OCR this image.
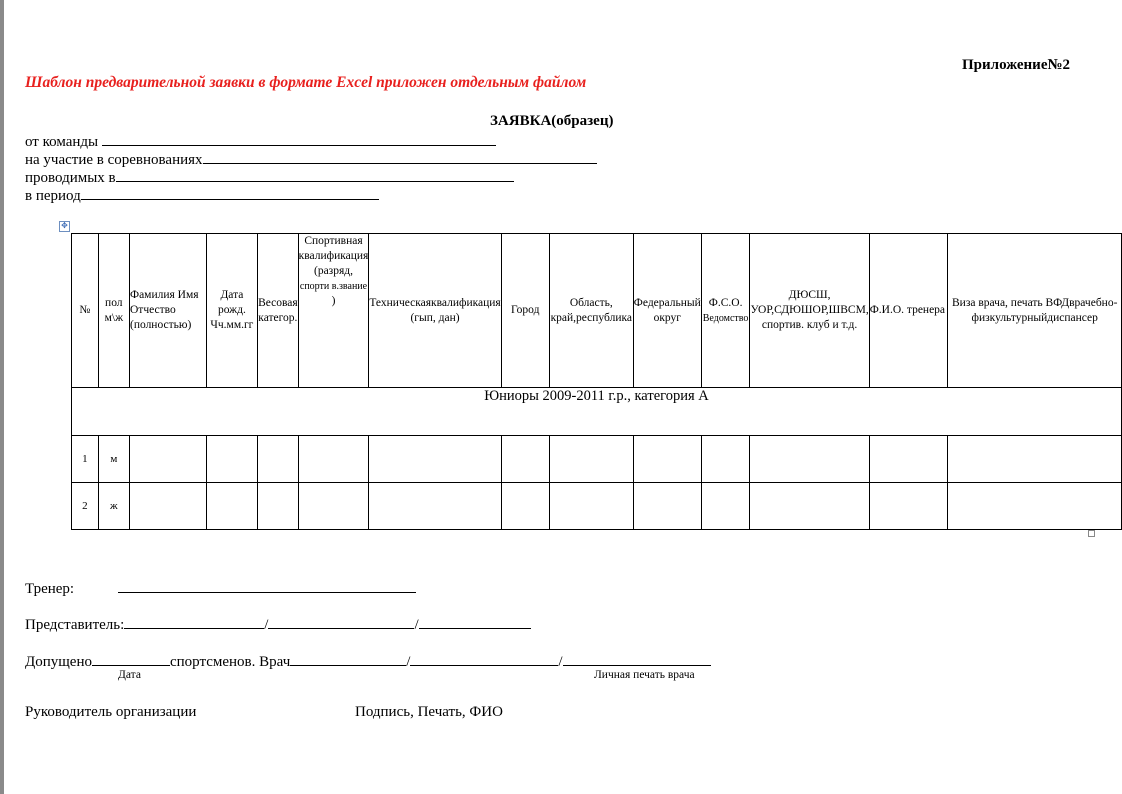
Приложение№2
Шаблон предварительной заявки в формате Excel приложен отдельным файлом
ЗАЯВКА(образец)
от команды
на участие в соревнованиях
проводимых в
в период
✥
№	пол м\ж	Фамилия Имя Отчество (полностью)	Дата рожд. Чч.мм.гг	Весовая категор.	Спортивная квалификация (разряд,
спорти в.звание
)	Техническаяквалификация (гып, дан)	Город	Область, край,республика	Федеральный округ	Ф.С.О.
Ведомство	ДЮСШ, УОР,СДЮШОР,ШВСМ, спортив. клуб и т.д.	Ф.И.О. тренера	Виза врача, печать ВФДврачебно-физкультурныйдиспансер
Юниоры 2009-2011 г.р., категория А													
1	м												
2	ж												
Тренер:
Представитель:	/	/
Допущено	спортсменов. Врач	/	/
Дата	Личная печать врача
Руководитель организации	Подпись, Печать, ФИО
